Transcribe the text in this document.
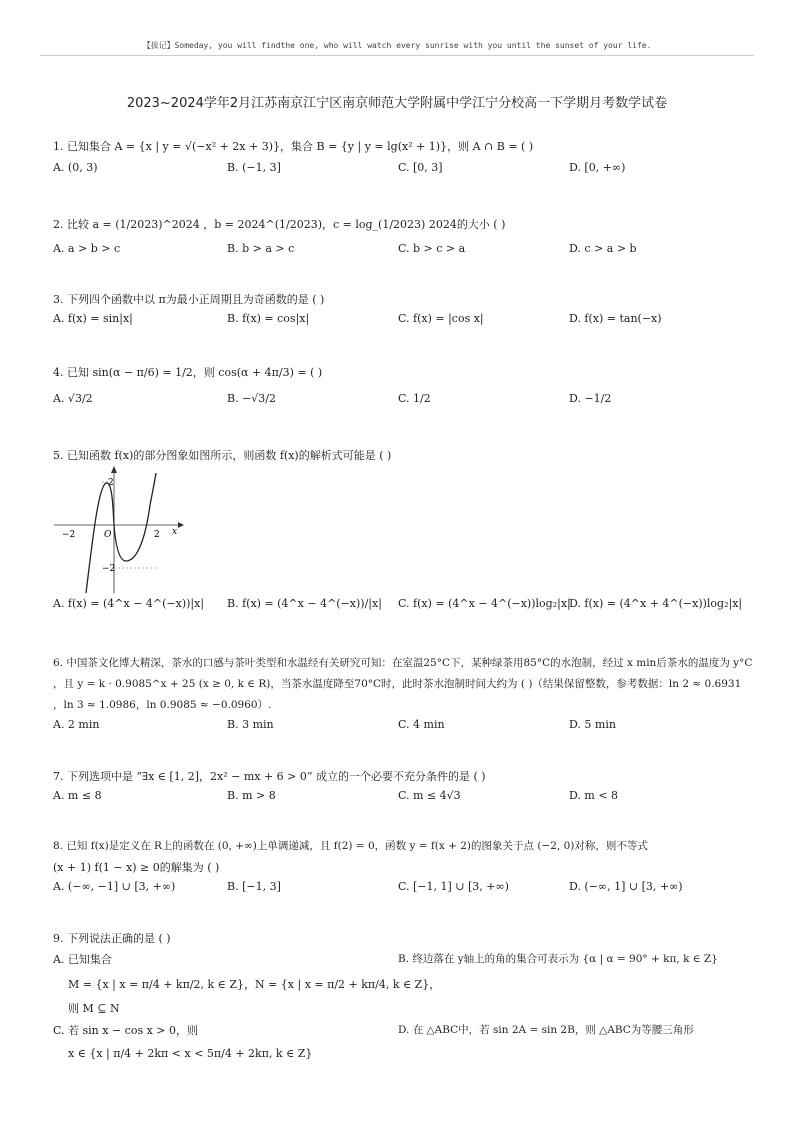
【拔记】Someday, you will findthe one, who will watch every sunrise with you until the sunset of your life.
2023~2024学年2月江苏南京江宁区南京师范大学附属中学江宁分校高一下学期月考数学试卷
1. 已知集合 A = {x | y = √(−x² + 2x + 3)}，集合 B = {y | y = lg(x² + 1)}，则 A ∩ B = ( )
A. (0, 3)	B. (−1, 3]	C. [0, 3]	D. [0, +∞)
2. 比较 a = (1/2023)^2024 ，b = 2024^(1/2023)，c = log_(1/2023) 2024的大小 ( )
A. a > b > c	B. b > a > c	C. b > c > a	D. c > a > b
3. 下列四个函数中以 π为最小正周期且为奇函数的是 ( )
A. f(x) = sin|x|	B. f(x) = cos|x|	C. f(x) = |cos x|	D. f(x) = tan(−x)
4. 已知 sin(α − π/6) = 1/2，则 cos(α + 4π/3) = ( )
A. √3/2	B. −√3/2	C. 1/2	D. −1/2
5. 已知函数 f(x)的部分图象如图所示，则函数 f(x)的解析式可能是 ( )
2
−2
−2	O	2 x
A. f(x) = (4^x − 4^(−x))|x| B. f(x) = (4^x − 4^(−x))/|x| C. f(x) = (4^x − 4^(−x))log₂|x|
D. f(x) = (4^x + 4^(−x))log₂|x|
6. 中国茶文化博大精深，茶水的口感与茶叶类型和水温经有关研究可知：在室温25°C下，某种绿茶用85°C的水泡制，经过 x min后茶水的温度为 y°C
，且 y = k · 0.9085^x + 25 (x ≥ 0, k ∈ R)，当茶水温度降至70°C时，此时茶水泡制时间大约为 ( )（结果保留整数，参考数据：ln 2 ≈ 0.6931
，ln 3 ≈ 1.0986，ln 0.9085 ≈ −0.0960）.
A. 2 min	B. 3 min	C. 4 min	D. 5 min
7. 下列选项中是 “∃x ∈ [1, 2]，2x² − mx + 6 > 0” 成立的一个必要不充分条件的是 ( )
A. m ≤ 8	B. m > 8	C. m ≤ 4√3	D. m < 8
8. 已知 f(x)是定义在 R上的函数在 (0, +∞)上单调递减，且 f(2) = 0，函数 y = f(x + 2)的图象关于点 (−2, 0)对称，则不等式
(x + 1) f(1 − x) ≥ 0的解集为 ( )
A. (−∞, −1] ∪ [3, +∞)	B. [−1, 3]	C. [−1, 1] ∪ [3, +∞)	D. (−∞, 1] ∪ [3, +∞)
9. 下列说法正确的是 ( )
A. 已知集合
M = {x | x = π/4 + kπ/2, k ∈ Z}，N = {x | x = π/2 + kπ/4, k ∈ Z}，
则 M ⊆ N
B. 终边落在 y轴上的角的集合可表示为 {α | α = 90° + kπ, k ∈ Z}
C. 若 sin x − cos x > 0，则
x ∈ {x | π/4 + 2kπ < x < 5π/4 + 2kπ, k ∈ Z}
D. 在 △ABC中，若 sin 2A = sin 2B，则 △ABC为等腰三角形
